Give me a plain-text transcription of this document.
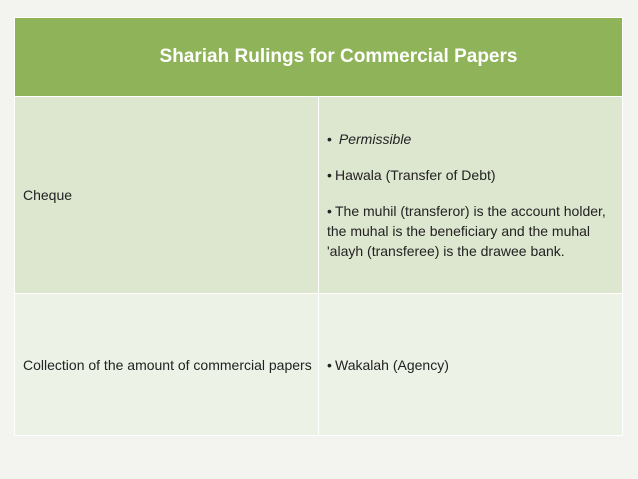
Shariah Rulings for Commercial Papers	
Cheque	• Permissible

• Hawala (Transfer of Debt)

• The muhil (transferor) is the account holder, the muhal is the beneficiary and the muhal 'alayh (transferee) is the drawee bank.

Collection of the amount of commercial papers	• Wakalah (Agency)
